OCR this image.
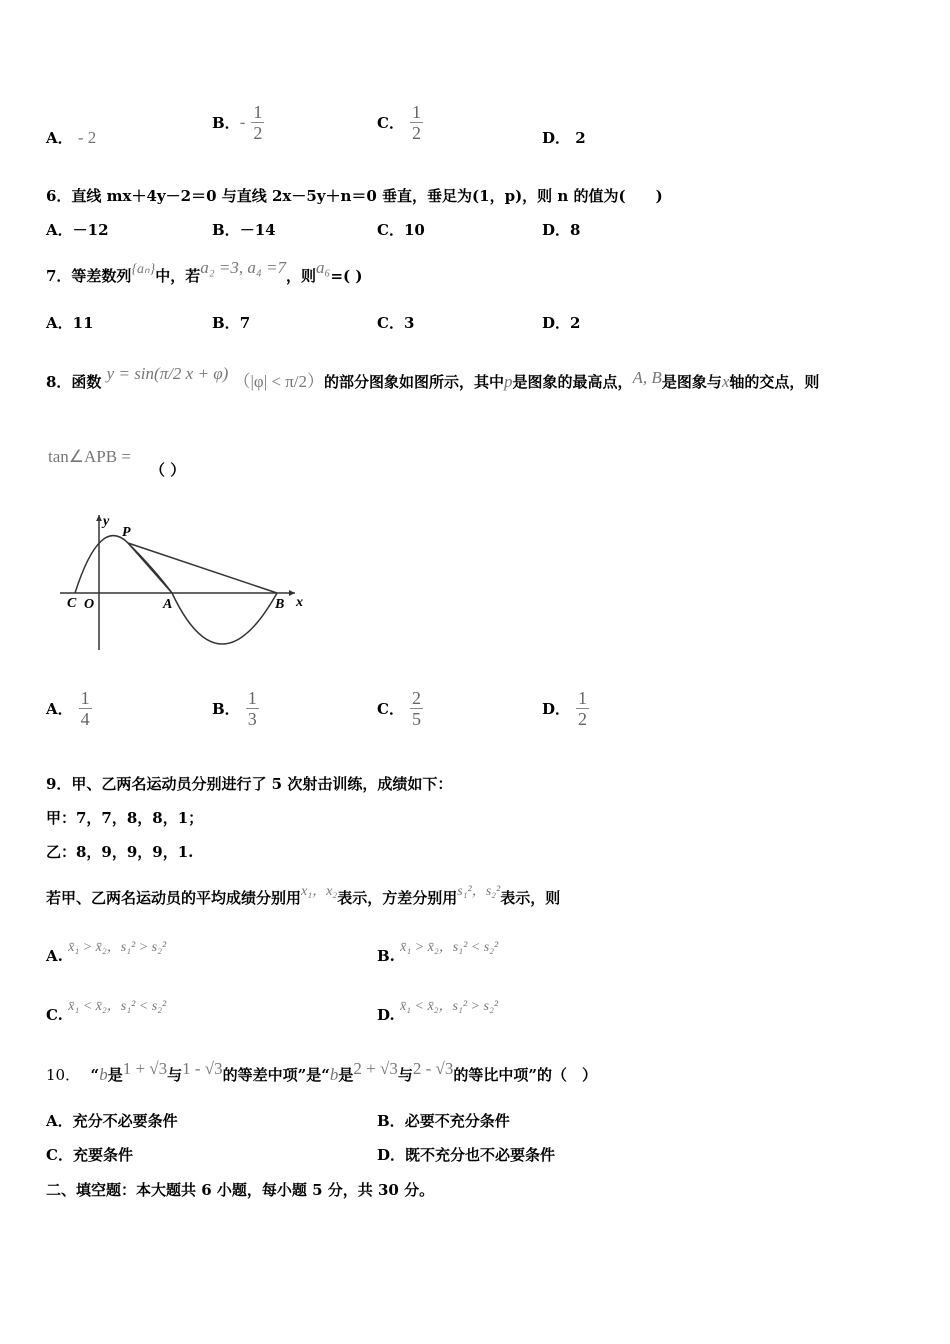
A． - 2
B．- $\frac{1}{2}$	C． $\frac{1}{2}$	D． 2
6．直线 mx＋4y－2＝0 与直线 2x－5y＋n＝0 垂直，垂足为(1，p)，则 n 的值为(　　)
A．－12	B．－14	C．10	D．8
7．等差数列{aₙ}中，若a₂ =3, a₄ =7，则a₆=( )
A．11	B．7	C．3	D．2
8．函数 y = sin(π/2 x + φ) （|φ| < π/2）的部分图象如图所示，其中p是图象的最高点，A, B是图象与x轴的交点，则
tan∠APB =
（ ）
y
x
P
C O	A	B
A． $\frac{1}{4}$	B． $\frac{1}{3}$	C． $\frac{2}{5}$	D． $\frac{1}{2}$
9．甲、乙两名运动员分别进行了 5 次射击训练，成绩如下：
甲：7，7，8，8，1；
乙：8，9，9，9，1.
若甲、乙两名运动员的平均成绩分别用x₁，x₂表示，方差分别用s₁²，s₂²表示，则
A. x̄₁ > x̄₂，s₁² > s₂²	B. x̄₁ > x̄₂，s₁² < s₂²
C. x̄₁ < x̄₂，s₁² < s₂²	D. x̄₁ < x̄₂，s₁² > s₂²
10． “b是1 + √3与1 - √3的等差中项”是“b是2 + √3与2 - √3的等比中项”的（　）
A．充分不必要条件	B．必要不充分条件
C．充要条件	D．既不充分也不必要条件
二、填空题：本大题共 6 小题，每小题 5 分，共 30 分。
